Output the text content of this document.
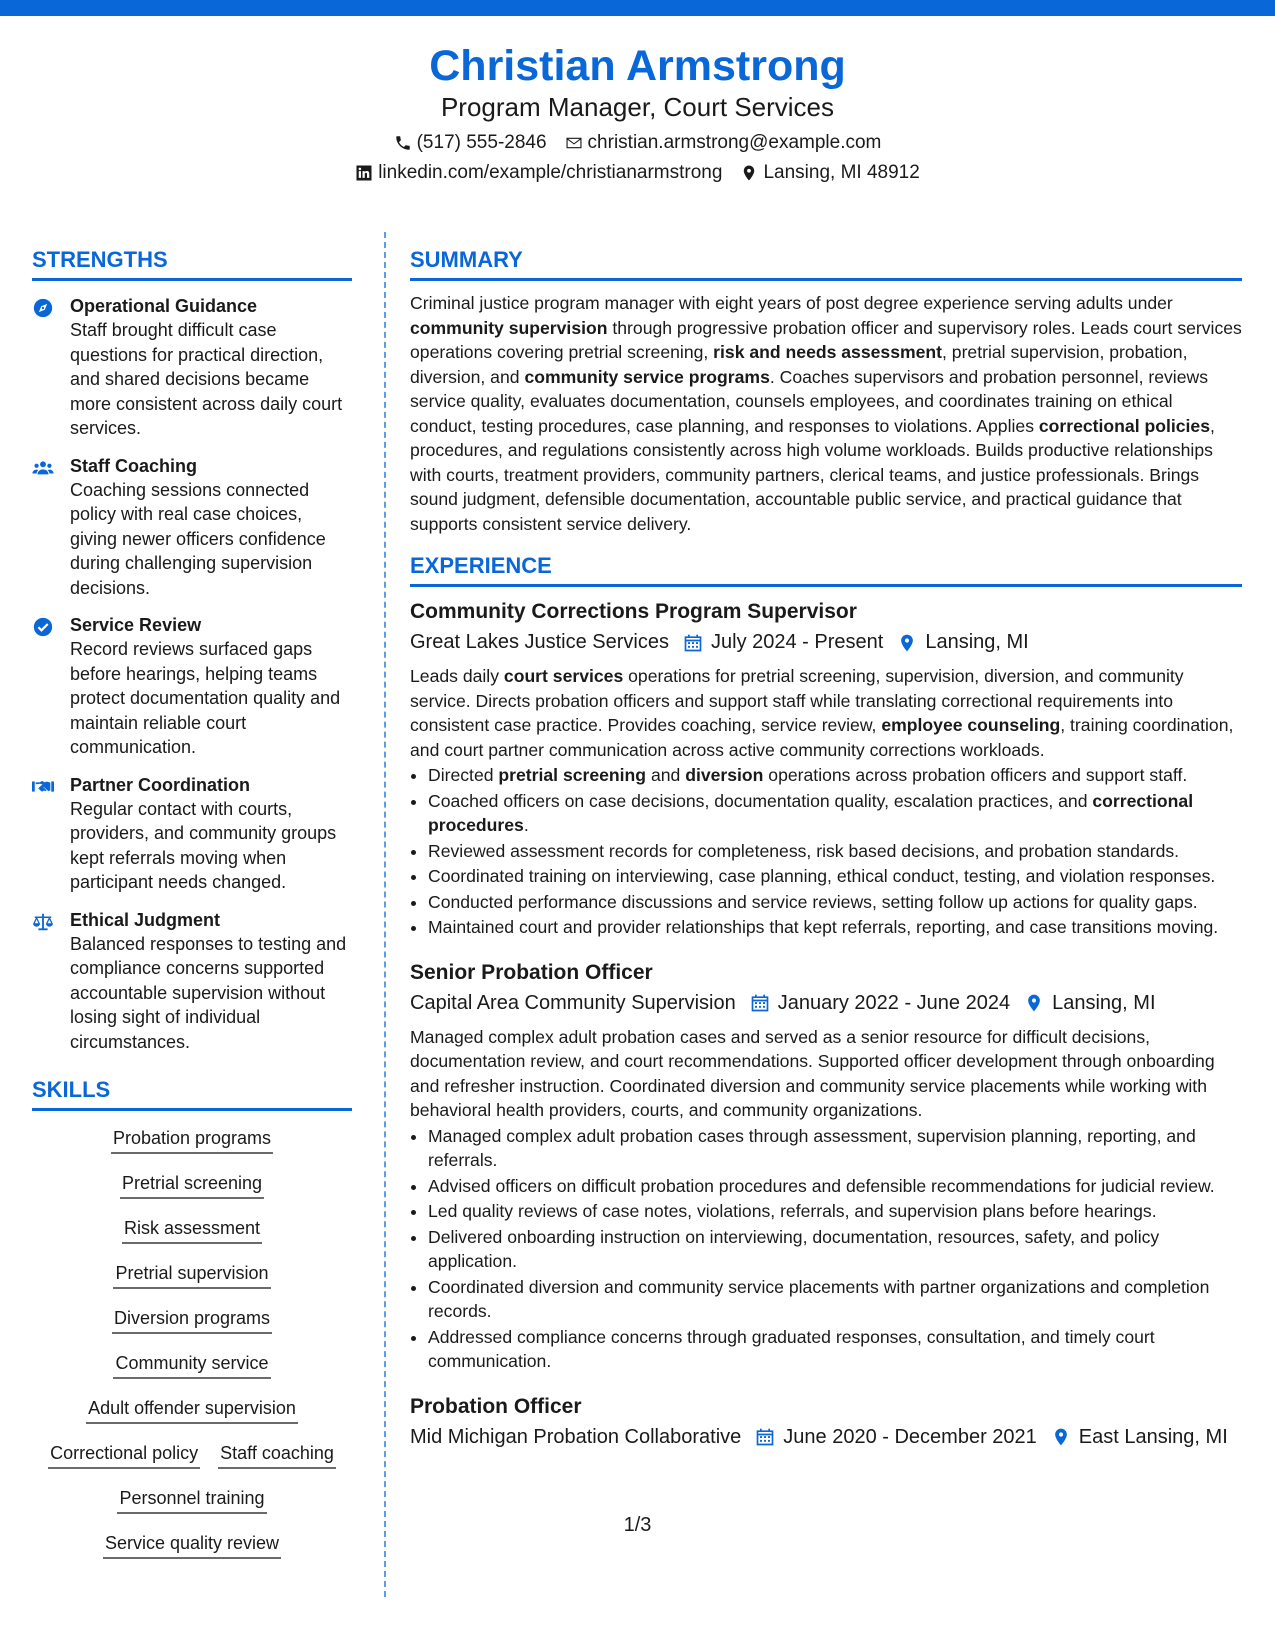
Christian Armstrong
Program Manager, Court Services
(517) 555-2846 christian.armstrong@example.com
linkedin.com/example/christianarmstrong Lansing, MI 48912
STRENGTHS
Operational Guidance
Staff brought difficult case questions for practical direction, and shared decisions became more consistent across daily court services.
Staff Coaching
Coaching sessions connected policy with real case choices, giving newer officers confidence during challenging supervision decisions.
Service Review
Record reviews surfaced gaps before hearings, helping teams protect documentation quality and maintain reliable court communication.
Partner Coordination
Regular contact with courts, providers, and community groups kept referrals moving when participant needs changed.
Ethical Judgment
Balanced responses to testing and compliance concerns supported accountable supervision without losing sight of individual circumstances.
SKILLS
Probation programs
Pretrial screening
Risk assessment
Pretrial supervision
Diversion programs
Community service
Adult offender supervision
Correctional policy Staff coaching
Personnel training
Service quality review
SUMMARY
Criminal justice program manager with eight years of post degree experience serving adults under community supervision through progressive probation officer and supervisory roles. Leads court services operations covering pretrial screening, risk and needs assessment, pretrial supervision, probation, diversion, and community service programs. Coaches supervisors and probation personnel, reviews service quality, evaluates documentation, counsels employees, and coordinates training on ethical conduct, testing procedures, case planning, and responses to violations. Applies correctional policies, procedures, and regulations consistently across high volume workloads. Builds productive relationships with courts, treatment providers, community partners, clerical teams, and justice professionals. Brings sound judgment, defensible documentation, accountable public service, and practical guidance that supports consistent service delivery.
EXPERIENCE
Community Corrections Program Supervisor
Great Lakes Justice Services July 2024 - Present Lansing, MI
Leads daily court services operations for pretrial screening, supervision, diversion, and community service. Directs probation officers and support staff while translating correctional requirements into consistent case practice. Provides coaching, service review, employee counseling, training coordination, and court partner communication across active community corrections workloads.
• Directed pretrial screening and diversion operations across probation officers and support staff.
• Coached officers on case decisions, documentation quality, escalation practices, and correctional procedures.
• Reviewed assessment records for completeness, risk based decisions, and probation standards.
• Coordinated training on interviewing, case planning, ethical conduct, testing, and violation responses.
• Conducted performance discussions and service reviews, setting follow up actions for quality gaps.
• Maintained court and provider relationships that kept referrals, reporting, and case transitions moving.
Senior Probation Officer
Capital Area Community Supervision January 2022 - June 2024 Lansing, MI
Managed complex adult probation cases and served as a senior resource for difficult decisions, documentation review, and court recommendations. Supported officer development through onboarding and refresher instruction. Coordinated diversion and community service placements while working with behavioral health providers, courts, and community organizations.
• Managed complex adult probation cases through assessment, supervision planning, reporting, and referrals.
• Advised officers on difficult probation procedures and defensible recommendations for judicial review.
• Led quality reviews of case notes, violations, referrals, and supervision plans before hearings.
• Delivered onboarding instruction on interviewing, documentation, resources, safety, and policy application.
• Coordinated diversion and community service placements with partner organizations and completion records.
• Addressed compliance concerns through graduated responses, consultation, and timely court communication.
Probation Officer
Mid Michigan Probation Collaborative June 2020 - December 2021 East Lansing, MI
1/3
